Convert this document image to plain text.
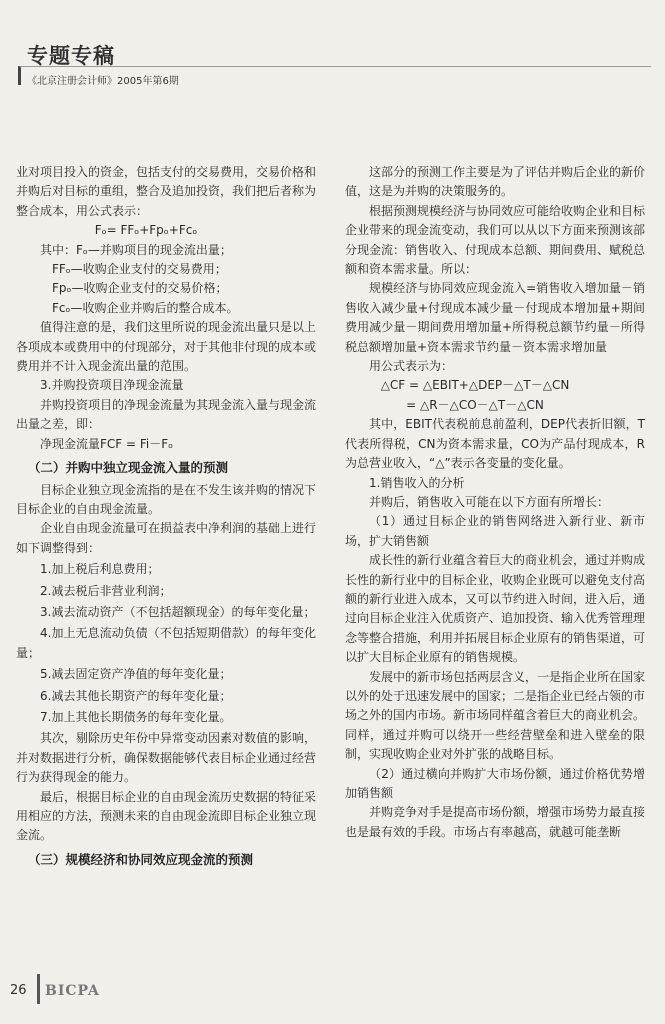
专题专稿
《北京注册会计师》2005年第6期

业对项目投入的资金，包括支付的交易费用，交易价格和并购后对目标的重组，整合及追加投资，我们把后者称为整合成本，用公式表示：

Fₒ= FFₒ+Fpₒ+Fcₒ

其中：Fₒ—并购项目的现金流出量；

FFₒ—收购企业支付的交易费用；

Fpₒ—收购企业支付的交易价格；

Fcₒ—收购企业并购后的整合成本。

值得注意的是，我们这里所说的现金流出量只是以上各项成本或费用中的付现部分，对于其他非付现的成本或费用并不计入现金流出量的范围。

3.并购投资项目净现金流量

并购投资项目的净现金流量为其现金流入量与现金流出量之差，即：

净现金流量FCF = Fi－Fₒ

（二）并购中独立现金流入量的预测

目标企业独立现金流指的是在不发生该并购的情况下目标企业的自由现金流量。

企业自由现金流量可在损益表中净利润的基础上进行如下调整得到：

1.加上税后利息费用；

2.减去税后非营业利润；

3.减去流动资产（不包括超额现金）的每年变化量；

4.加上无息流动负债（不包括短期借款）的每年变化量；

5.减去固定资产净值的每年变化量；

6.减去其他长期资产的每年变化量；

7.加上其他长期债务的每年变化量。

其次，剔除历史年份中异常变动因素对数值的影响，并对数据进行分析，确保数据能够代表目标企业通过经营行为获得现金的能力。

最后，根据目标企业的自由现金流历史数据的特征采用相应的方法，预测未来的自由现金流即目标企业独立现金流。

（三）规模经济和协同效应现金流的预测

这部分的预测工作主要是为了评估并购后企业的新价值，这是为并购的决策服务的。

根据预测规模经济与协同效应可能给收购企业和目标企业带来的现金流变动，我们可以从以下方面来预测该部分现金流：销售收入、付现成本总额、期间费用、赋税总额和资本需求量。所以：

规模经济与协同效应现金流入=销售收入增加量－销售收入减少量+付现成本减少量－付现成本增加量+期间费用减少量－期间费用增加量+所得税总额节约量－所得税总额增加量+资本需求节约量－资本需求增加量

用公式表示为：

△CF = △EBIT+△DEP－△T－△CN

= △R－△CO－△T－△CN

其中，EBIT代表税前息前盈利，DEP代表折旧额，T代表所得税，CN为资本需求量，CO为产品付现成本，R为总营业收入，“△”表示各变量的变化量。

1.销售收入的分析

并购后，销售收入可能在以下方面有所增长：

（1）通过目标企业的销售网络进入新行业、新市场，扩大销售额

成长性的新行业蕴含着巨大的商业机会，通过并购成长性的新行业中的目标企业，收购企业既可以避免支付高额的新行业进入成本，又可以节约进入时间，进入后，通过向目标企业注入优质资产、追加投资、输入优秀管理理念等整合措施，利用并拓展目标企业原有的销售渠道，可以扩大目标企业原有的销售规模。

发展中的新市场包括两层含义，一是指企业所在国家以外的处于迅速发展中的国家；二是指企业已经占领的市场之外的国内市场。新市场同样蕴含着巨大的商业机会。同样，通过并购可以绕开一些经营壁垒和进入壁垒的限制，实现收购企业对外扩张的战略目标。

（2）通过横向并购扩大市场份额，通过价格优势增加销售额

并购竞争对手是提高市场份额，增强市场势力最直接也是最有效的手段。市场占有率越高，就越可能垄断

26 BICPA
